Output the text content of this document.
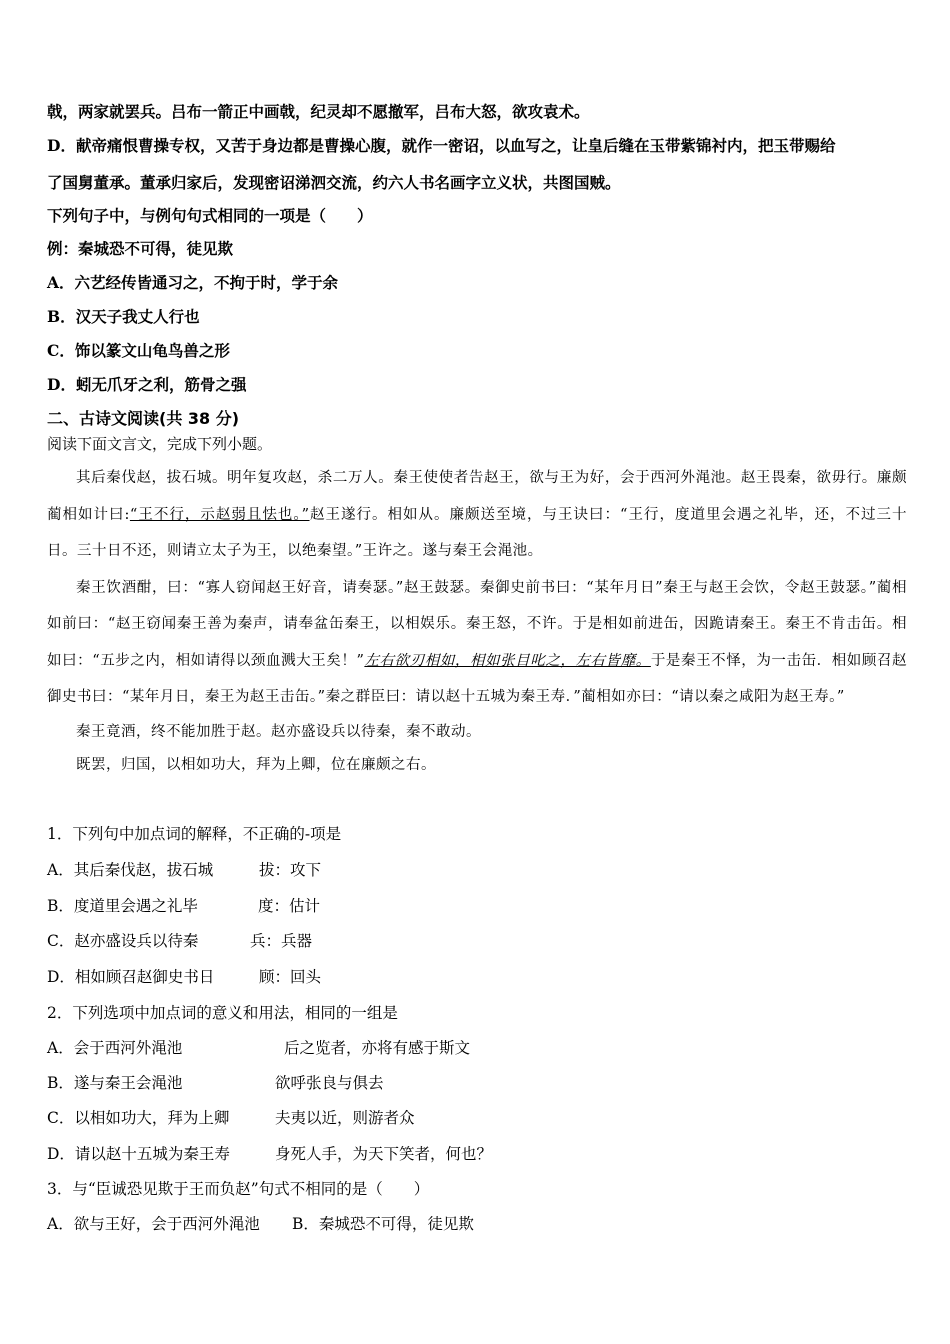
戟，两家就罢兵。吕布一箭正中画戟，纪灵却不愿撤军，吕布大怒，欲攻袁术。
D．献帝痛恨曹操专权，又苦于身边都是曹操心腹，就作一密诏，以血写之，让皇后缝在玉带紫锦衬内，把玉带赐给
了国舅董承。董承归家后，发现密诏涕泗交流，约六人书名画字立义状，共图国贼。
下列句子中，与例句句式相同的一项是（　　）
例：秦城恐不可得，徒见欺
A．六艺经传皆通习之，不拘于时，学于余
B．汉天子我丈人行也
C．饰以篆文山龟鸟兽之形
D．蚓无爪牙之利，筋骨之强
二、古诗文阅读(共 38 分)
阅读下面文言文，完成下列小题。

其后秦伐赵，拔石城。明年复攻赵，杀二万人。秦王使使者告赵王，欲与王为好，会于西河外渑池。赵王畏秦，欲毋行。廉颇蔺相如计曰:“王不行，示赵弱且怯也。”赵王遂行。相如从。廉颇送至境，与王诀曰：“王行，度道里会遇之礼毕，还，不过三十日。三十日不还，则请立太子为王，以绝秦望。”王许之。遂与秦王会渑池。

秦王饮酒酣，曰：“寡人窃闻赵王好音，请奏瑟。”赵王鼓瑟。秦御史前书曰：“某年月日”秦王与赵王会饮，令赵王鼓瑟。”蔺相如前曰：“赵王窃闻秦王善为秦声，请奉盆缶秦王，以相娱乐。秦王怒，不许。于是相如前进缶，因跪请秦王。秦王不肯击缶。相如曰：“五步之内，相如请得以颈血溅大王矣！”左右欲刃相如，相如张目叱之，左右皆靡。于是秦王不怿，为一击缶．相如顾召赵御史书曰：“某年月日，秦王为赵王击缶。”秦之群臣曰：请以赵十五城为秦王寿．”蔺相如亦曰：“请以秦之咸阳为赵王寿。”

秦王竟酒，终不能加胜于赵。赵亦盛设兵以待秦，秦不敢动。

既罢，归国，以相如功大，拜为上卿，位在廉颇之右。

1．下列句中加点词的解释，不正确的-项是
A．其后秦伐赵，拔石城	拔：攻下
B．度道里会遇之礼毕	度：估计
C．赵亦盛设兵以待秦	兵：兵器
D．相如顾召赵御史书日	顾：回头
2．下列选项中加点词的意义和用法，相同的一组是
A．会于西河外渑池	后之览者，亦将有感于斯文
B．遂与秦王会渑池	欲呼张良与俱去
C．以相如功大，拜为上卿	夫夷以近，则游者众
D．请以赵十五城为秦王寿	身死人手，为天下笑者，何也？
3．与“臣诚恐见欺于王而负赵”句式不相同的是（　　）
A．欲与王好，会于西河外渑池 B．秦城恐不可得，徒见欺
